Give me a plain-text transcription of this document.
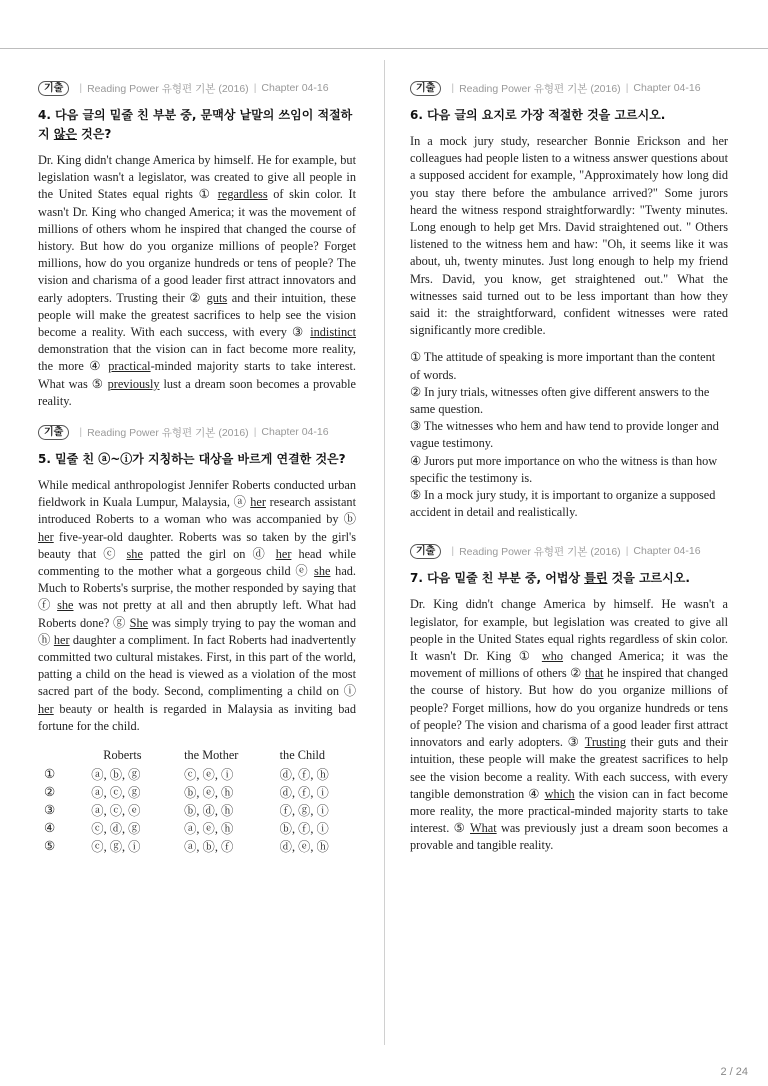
기출	| Reading Power 유형편 기본 (2016) | Chapter 04-16
4. 다음 글의 밑줄 친 부분 중, 문맥상 낱말의 쓰임이 적절하지 않은 것은?

Dr. King didn't change America by himself. He for example, but legislation wasn't a legislator, was created to give all people in the United States equal rights ① regardless of skin color. It wasn't Dr. King who changed America; it was the movement of millions of others whom he inspired that changed the course of history. But how do you organize millions of people? Forget millions, how do you organize hundreds or tens of people? The vision and charisma of a good leader first attract innovators and early adopters. Trusting their ② guts and their intuition, these people will make the greatest sacrifices to help see the vision become a reality. With each success, with every ③ indistinct demonstration that the vision can in fact become more reality, the more ④ practical-minded majority starts to take interest. What was ⑤ previously lust a dream soon becomes a provable reality.

기출	| Reading Power 유형편 기본 (2016) | Chapter 04-16
5. 밑줄 친 ⓐ~ⓘ가 지칭하는 대상을 바르게 연결한 것은?

While medical anthropologist Jennifer Roberts conducted urban fieldwork in Kuala Lumpur, Malaysia, ⓐ her research assistant introduced Roberts to a woman who was accompanied by ⓑ her five-year-old daughter. Roberts was so taken by the girl's beauty that ⓒ she patted the girl on ⓓ her head while commenting to the mother what a gorgeous child ⓔ she had. Much to Roberts's surprise, the mother responded by saying that ⓕ she was not pretty at all and then abruptly left. What had Roberts done? ⓖ She was simply trying to pay the woman and ⓗ her daughter a compliment. In fact Roberts had inadvertently committed two cultural mistakes. First, in this part of the world, patting a child on the head is viewed as a violation of the most sacred part of the body. Second, complimenting a child on ⓘ her beauty or health is regarded in Malaysia as inviting bad fortune for the child.

	Roberts	the Mother	the Child
①	ⓐ, ⓑ, ⓖ	ⓒ, ⓔ, ⓘ	ⓓ, ⓕ, ⓗ
②	ⓐ, ⓒ, ⓖ	ⓑ, ⓔ, ⓗ	ⓓ, ⓕ, ⓘ
③	ⓐ, ⓒ, ⓔ	ⓑ, ⓓ, ⓗ	ⓕ, ⓖ, ⓘ
④	ⓒ, ⓓ, ⓖ	ⓐ, ⓔ, ⓗ	ⓑ, ⓕ, ⓘ
⑤	ⓒ, ⓖ, ⓘ	ⓐ, ⓑ, ⓕ	ⓓ, ⓔ, ⓗ
기출	| Reading Power 유형편 기본 (2016) | Chapter 04-16
6. 다음 글의 요지로 가장 적절한 것을 고르시오.

In a mock jury study, researcher Bonnie Erickson and her colleagues had people listen to a witness answer questions about a supposed accident for example, "Approximately how long did you stay there before the ambulance arrived?" Some jurors heard the witness respond straightforwardly: "Twenty minutes. Long enough to help get Mrs. David straightened out. " Others listened to the witness hem and haw: "Oh, it seems like it was about, uh, twenty minutes. Just long enough to help my friend Mrs. David, you know, get straightened out." What the witnesses said turned out to be less important than how they said it: the straightforward, confident witnesses were rated significantly more credible.

① The attitude of speaking is more important than the content of words.

② In jury trials, witnesses often give different answers to the same question.

③ The witnesses who hem and haw tend to provide longer and vague testimony.

④ Jurors put more importance on who the witness is than how specific the testimony is.

⑤ In a mock jury study, it is important to organize a supposed accident in detail and realistically.

기출	| Reading Power 유형편 기본 (2016) | Chapter 04-16
7. 다음 밑줄 친 부분 중, 어법상 틀린 것을 고르시오.

Dr. King didn't change America by himself. He wasn't a legislator, for example, but legislation was created to give all people in the United States equal rights regardless of skin color. It wasn't Dr. King ① who changed America; it was the movement of millions of others ② that he inspired that changed the course of history. But how do you organize millions of people? Forget millions, how do you organize hundreds or tens of people? The vision and charisma of a good leader first attract innovators and early adopters. ③ Trusting their guts and their intuition, these people will make the greatest sacrifices to help see the vision become a reality. With each success, with every tangible demonstration ④ which the vision can in fact become more reality, the more practical-minded majority starts to take interest. ⑤ What was previously just a dream soon becomes a provable and tangible reality.

2 / 24
